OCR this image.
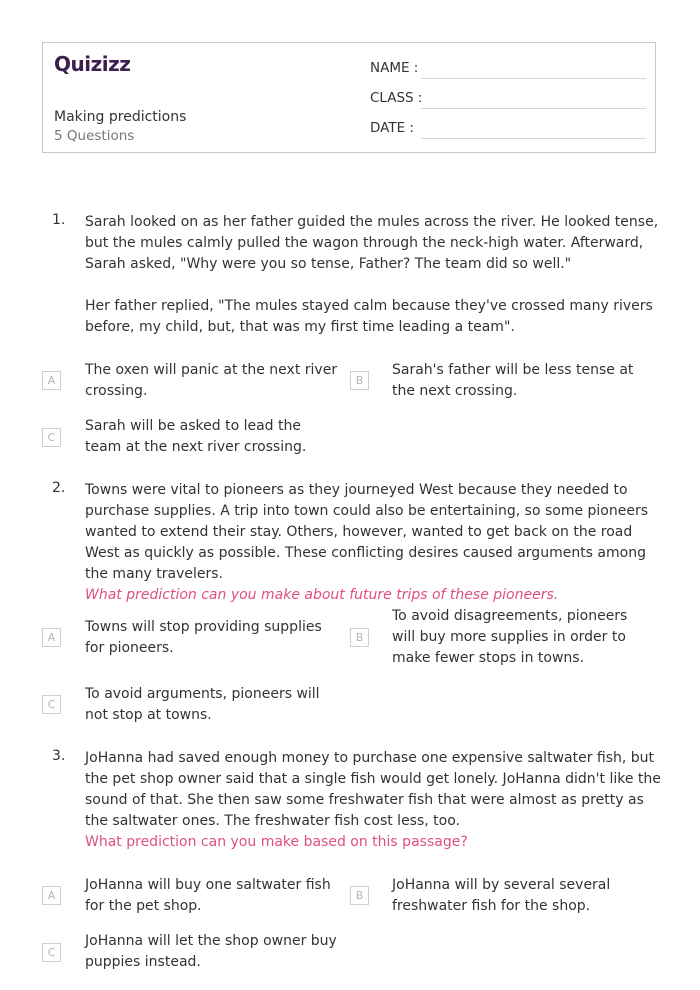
Quizizz
Making predictions
5 Questions
NAME :
CLASS :
DATE :
1. Sarah looked on as her father guided the mules across the river. He looked tense, but the mules calmly pulled the wagon through the neck-high water. Afterward, Sarah asked, "Why were you so tense, Father? The team did so well."

Her father replied, "The mules stayed calm because they've crossed many rivers before, my child, but, that was my first time leading a team".

A
The oxen will panic at the next river crossing.
B
Sarah's father will be less tense at the next crossing.
C
Sarah will be asked to lead the team at the next river crossing.
2. Towns were vital to pioneers as they journeyed West because they needed to purchase supplies. A trip into town could also be entertaining, so some pioneers wanted to extend their stay. Others, however, wanted to get back on the road West as quickly as possible. These conflicting desires caused arguments among the many travelers.

What prediction can you make about future trips of these pioneers.

A
Towns will stop providing supplies for pioneers.
B
To avoid disagreements, pioneers will buy more supplies in order to make fewer stops in towns.
C
To avoid arguments, pioneers will not stop at towns.
3. JoHanna had saved enough money to purchase one expensive saltwater fish, but the pet shop owner said that a single fish would get lonely. JoHanna didn't like the sound of that. She then saw some freshwater fish that were almost as pretty as the saltwater ones. The freshwater fish cost less, too.

What prediction can you make based on this passage?

A
JoHanna will buy one saltwater fish for the pet shop.
B
JoHanna will by several several freshwater fish for the shop.
C
JoHanna will let the shop owner buy puppies instead.
